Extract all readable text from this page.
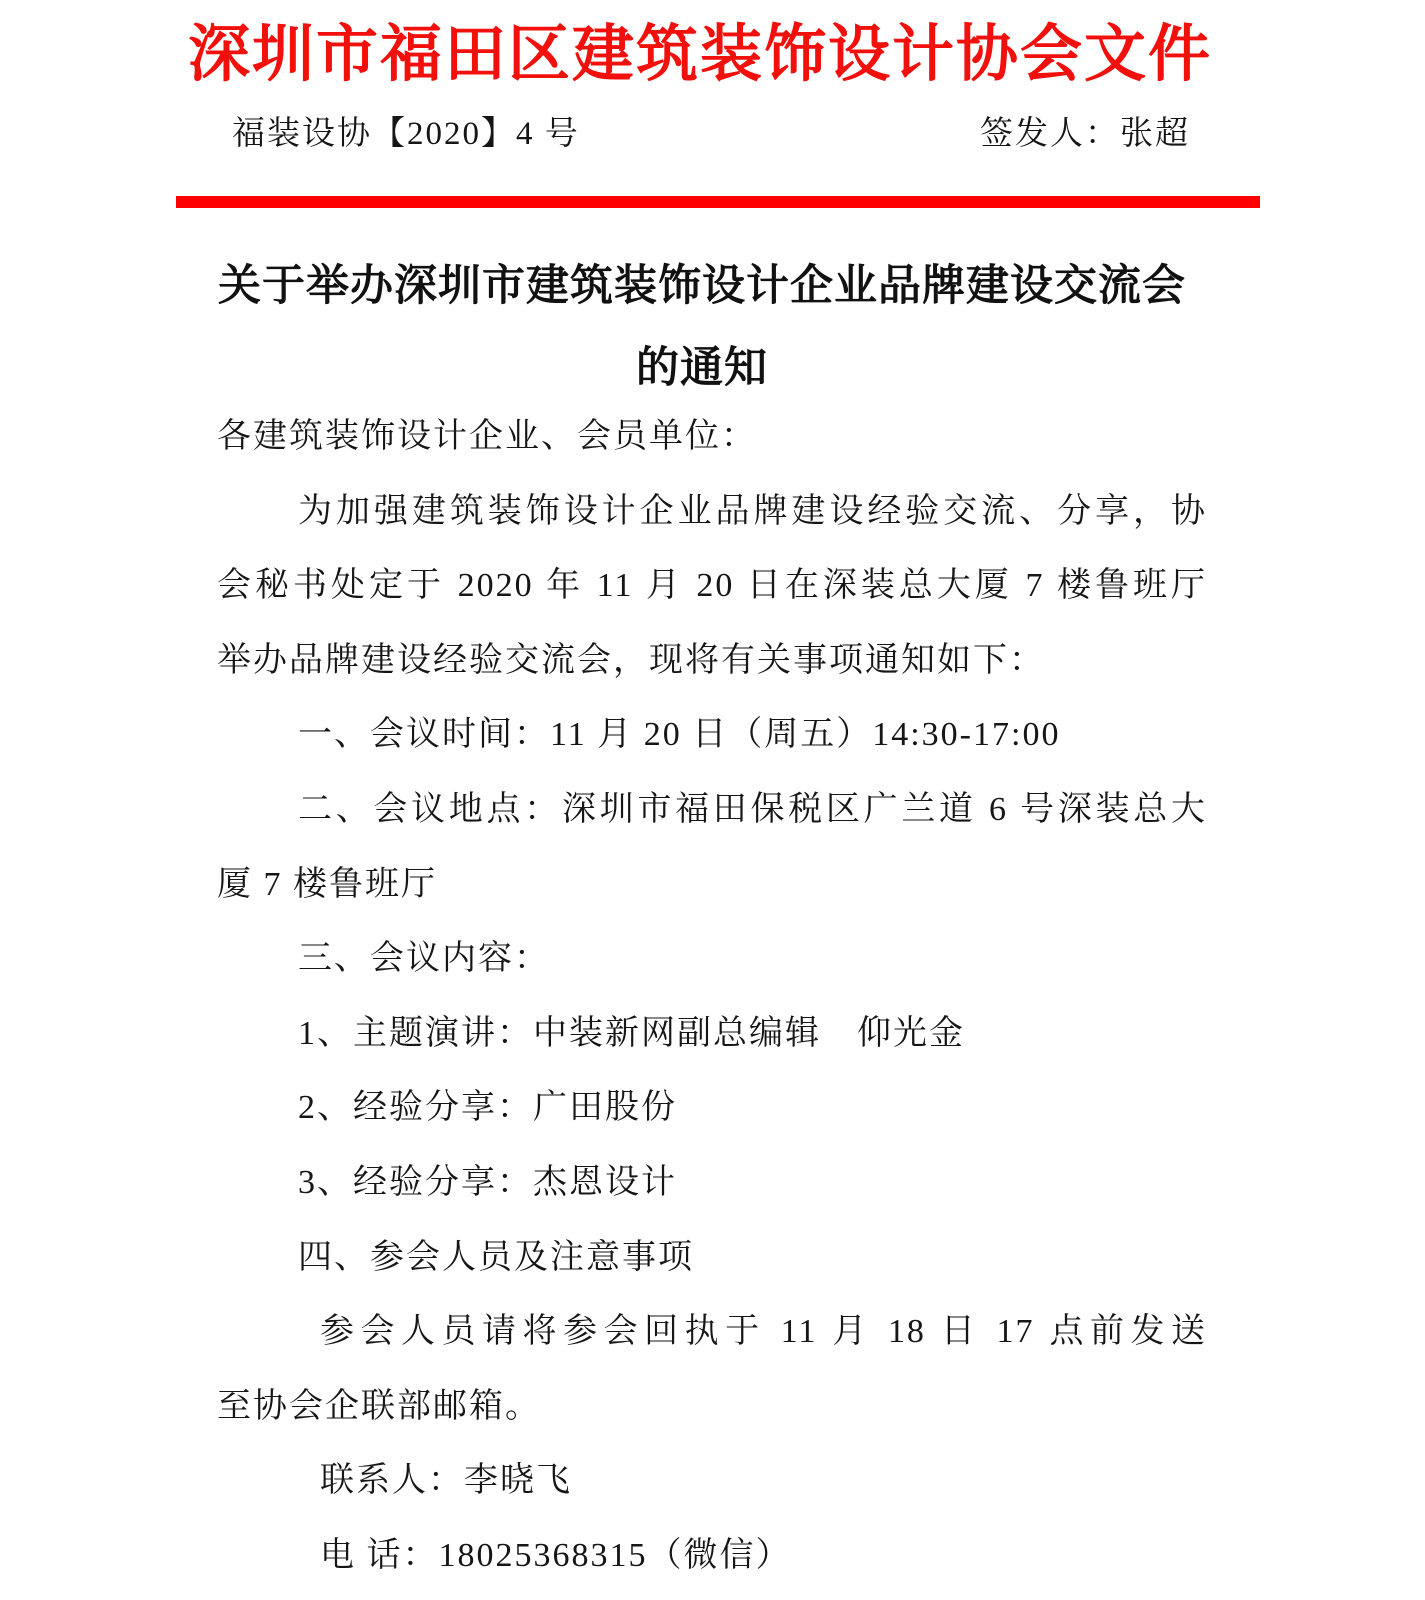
深圳市福田区建筑装饰设计协会文件
福装设协【2020】4 号	签发人：张超
关于举办深圳市建筑装饰设计企业品牌建设交流会
的通知
各建筑装饰设计企业、会员单位：
为加强建筑装饰设计企业品牌建设经验交流、分享，协
会秘书处定于 2020 年 11 月 20 日在深装总大厦 7 楼鲁班厅
举办品牌建设经验交流会，现将有关事项通知如下：
一、会议时间：11 月 20 日（周五）14:30-17:00
二、会议地点：深圳市福田保税区广兰道 6 号深装总大
厦 7 楼鲁班厅
三、会议内容：
1、主题演讲：中装新网副总编辑　仰光金
2、经验分享：广田股份
3、经验分享：杰恩设计
四、参会人员及注意事项
参会人员请将参会回执于 11 月 18 日 17 点前发送
至协会企联部邮箱。
联系人：李晓飞
电 话：18025368315（微信）
